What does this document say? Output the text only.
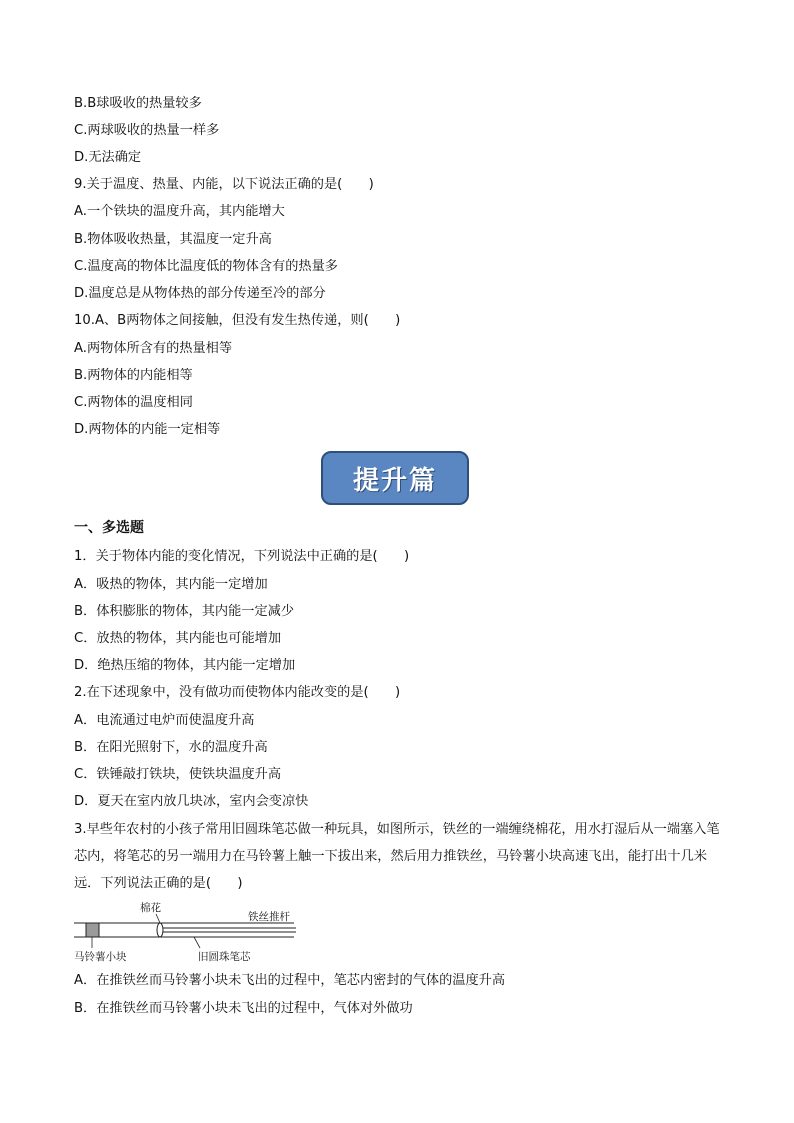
B.B球吸收的热量较多
C.两球吸收的热量一样多
D.无法确定
9.关于温度、热量、内能，以下说法正确的是(　　)
A.一个铁块的温度升高，其内能增大
B.物体吸收热量，其温度一定升高
C.温度高的物体比温度低的物体含有的热量多
D.温度总是从物体热的部分传递至冷的部分
10.A、B两物体之间接触，但没有发生热传递，则(　　)
A.两物体所含有的热量相等
B.两物体的内能相等
C.两物体的温度相同
D.两物体的内能一定相等
提升篇
一、多选题
1．关于物体内能的变化情况，下列说法中正确的是(　　)
A．吸热的物体，其内能一定增加
B．体积膨胀的物体，其内能一定减少
C．放热的物体，其内能也可能增加
D．绝热压缩的物体，其内能一定增加
2.在下述现象中，没有做功而使物体内能改变的是(　　)
A．电流通过电炉而使温度升高
B．在阳光照射下，水的温度升高
C．铁锤敲打铁块，使铁块温度升高
D．夏天在室内放几块冰，室内会变凉快
3.早些年农村的小孩子常用旧圆珠笔芯做一种玩具，如图所示，铁丝的一端缠绕棉花，用水打湿后从一端塞入笔芯内，将笔芯的另一端用力在马铃薯上触一下拔出来，然后用力推铁丝，马铃薯小块高速飞出，能打出十几米远．下列说法正确的是(　　)
棉花
铁丝推杆
马铃薯小块	旧圆珠笔芯
A．在推铁丝而马铃薯小块未飞出的过程中，笔芯内密封的气体的温度升高
B．在推铁丝而马铃薯小块未飞出的过程中，气体对外做功
